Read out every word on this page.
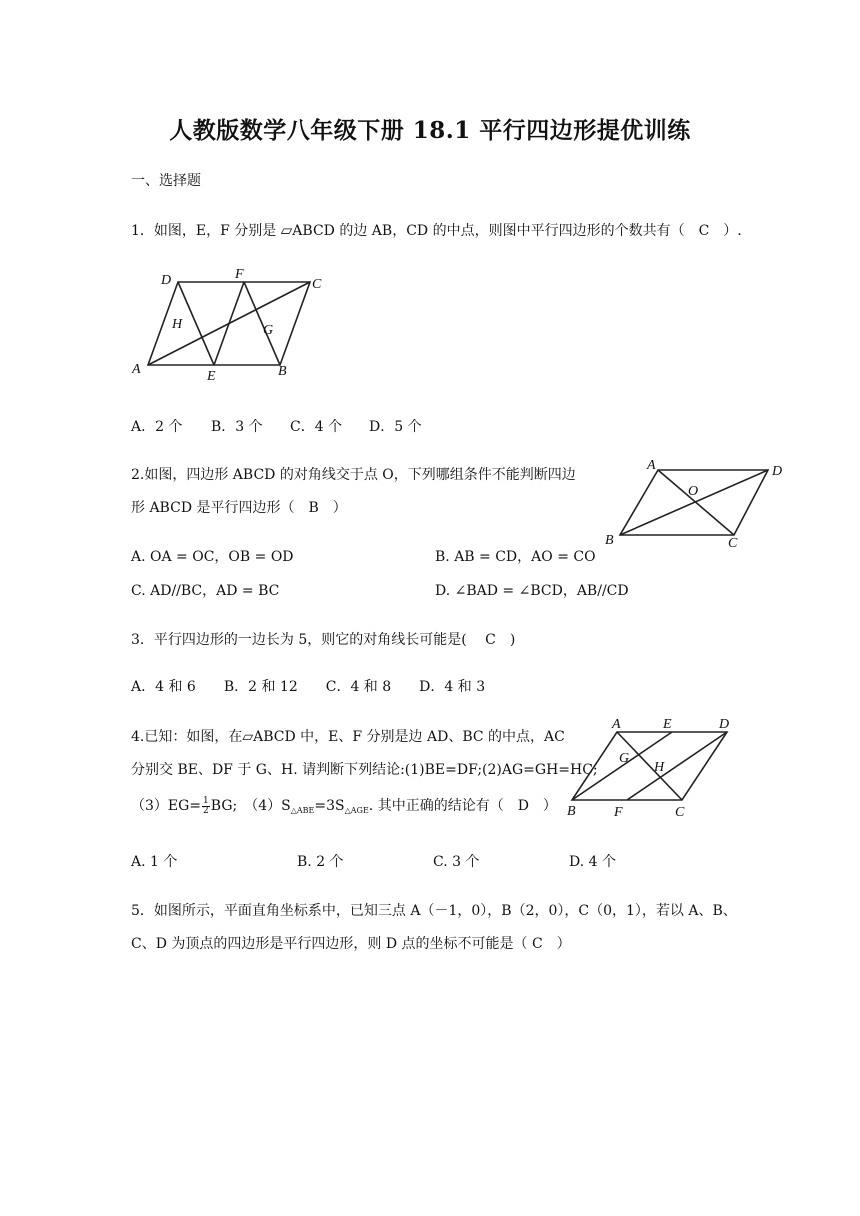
人教版数学八年级下册 18.1 平行四边形提优训练
一、选择题
1．如图，E，F 分别是 ▱ABCD 的边 AB，CD 的中点，则图中平行四边形的个数共有（　C　）.
A
D	F
C
E	B
H	G
A．2 个 B．3 个 C．4 个 D．5 个
2.如图，四边形 ABCD 的对角线交于点 O，下列哪组条件不能判断四边
形 ABCD 是平行四边形（　B　）
A	D
B	C
O
A. OA = OC，OB = OD	B. AB = CD，AO = CO
C. AD//BC，AD = BC	D. ∠BAD = ∠BCD，AB//CD
3．平行四边形的一边长为 5，则它的对角线长可能是(　 C　)
A．4 和 6　　B．2 和 12　　C．4 和 8　　D．4 和 3
4.已知：如图，在▱ABCD 中，E、F 分别是边 AD、BC 的中点，AC
分别交 BE、DF 于 G、H. 请判断下列结论:(1)BE=DF;(2)AG=GH=HC;
$(3)EG= \frac{1}{2}$ BG;　$(4)S_{\triangle ABE}=3S_{\triangle AGE}$. 其中正确的结论有（　D　）
A	E	D
B	F	C
G
H
A. 1 个	B. 2 个	C. 3 个	D. 4 个
5．如图所示，平面直角坐标系中，已知三点 A（－1，0），B（2，0），C（0，1），若以 A、B、
C、D 为顶点的四边形是平行四边形，则 D 点的坐标不可能是（ C　）
